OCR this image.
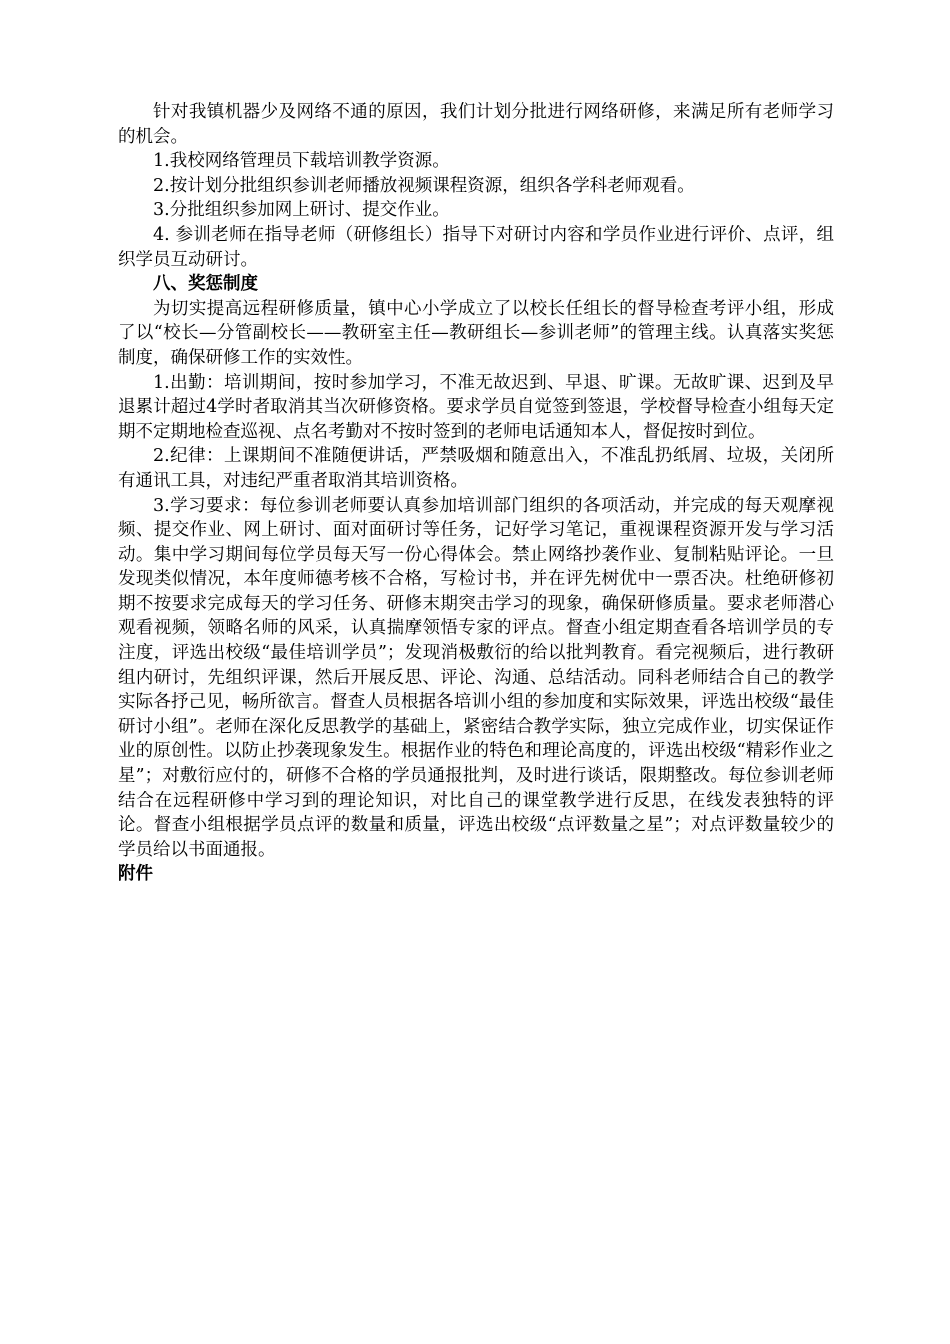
针对我镇机器少及网络不通的原因，我们计划分批进行网络研修，来满足所有老师学习的机会。

1.我校网络管理员下载培训教学资源。

2.按计划分批组织参训老师播放视频课程资源，组织各学科老师观看。

3.分批组织参加网上研讨、提交作业。

4. 参训老师在指导老师（研修组长）指导下对研讨内容和学员作业进行评价、点评，组织学员互动研讨。

八、奖惩制度

为切实提高远程研修质量，镇中心小学成立了以校长任组长的督导检查考评小组，形成了以“校长—分管副校长——教研室主任—教研组长—参训老师”的管理主线。认真落实奖惩制度，确保研修工作的实效性。

1.出勤：培训期间，按时参加学习，不准无故迟到、早退、旷课。无故旷课、迟到及早退累计超过4学时者取消其当次研修资格。要求学员自觉签到签退，学校督导检查小组每天定期不定期地检查巡视、点名考勤对不按时签到的老师电话通知本人，督促按时到位。

2.纪律：上课期间不准随便讲话，严禁吸烟和随意出入，不准乱扔纸屑、垃圾，关闭所有通讯工具，对违纪严重者取消其培训资格。

3.学习要求：每位参训老师要认真参加培训部门组织的各项活动，并完成的每天观摩视频、提交作业、网上研讨、面对面研讨等任务，记好学习笔记，重视课程资源开发与学习活动。集中学习期间每位学员每天写一份心得体会。禁止网络抄袭作业、复制粘贴评论。一旦发现类似情况，本年度师德考核不合格，写检讨书，并在评先树优中一票否决。杜绝研修初期不按要求完成每天的学习任务、研修末期突击学习的现象，确保研修质量。要求老师潜心观看视频，领略名师的风采，认真揣摩领悟专家的评点。督查小组定期查看各培训学员的专注度，评选出校级“最佳培训学员”；发现消极敷衍的给以批判教育。看完视频后，进行教研组内研讨，先组织评课，然后开展反思、评论、沟通、总结活动。同科老师结合自己的教学实际各抒己见，畅所欲言。督查人员根据各培训小组的参加度和实际效果，评选出校级“最佳研讨小组”。老师在深化反思教学的基础上，紧密结合教学实际，独立完成作业，切实保证作业的原创性。以防止抄袭现象发生。根据作业的特色和理论高度的，评选出校级“精彩作业之星”；对敷衍应付的，研修不合格的学员通报批判，及时进行谈话，限期整改。每位参训老师结合在远程研修中学习到的理论知识，对比自己的课堂教学进行反思，在线发表独特的评论。督查小组根据学员点评的数量和质量，评选出校级“点评数量之星”；对点评数量较少的学员给以书面通报。

附件
